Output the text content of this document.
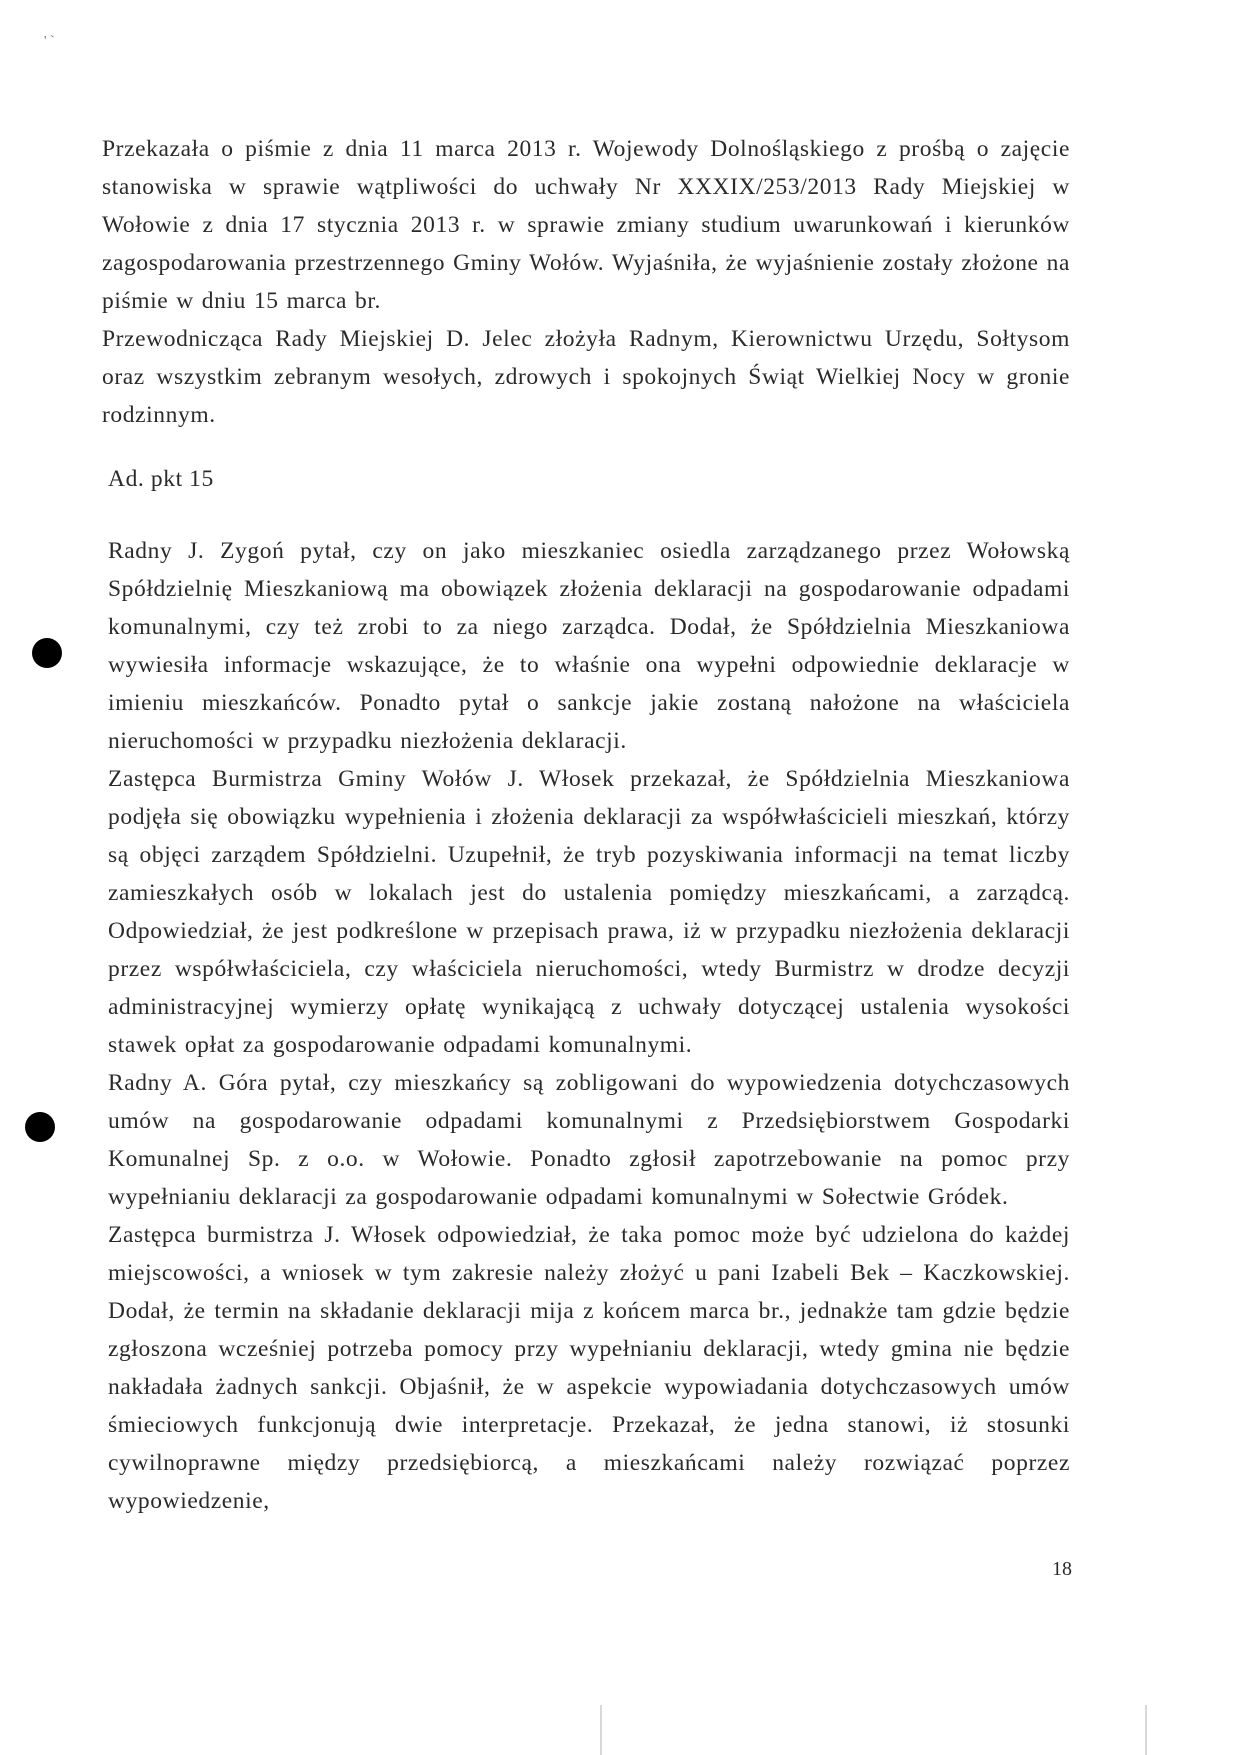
' `

Przekazała o piśmie z dnia 11 marca 2013 r. Wojewody Dolnośląskiego z prośbą o zajęcie stanowiska w sprawie wątpliwości do uchwały Nr XXXIX/253/2013 Rady Miejskiej w Wołowie z dnia 17 stycznia 2013 r. w sprawie zmiany studium uwarunkowań i kierunków zagospodarowania przestrzennego Gminy Wołów. Wyjaśniła, że wyjaśnienie zostały złożone na piśmie w dniu 15 marca br.

Przewodnicząca Rady Miejskiej D. Jelec złożyła Radnym, Kierownictwu Urzędu, Sołtysom oraz wszystkim zebranym wesołych, zdrowych i spokojnych Świąt Wielkiej Nocy w gronie rodzinnym.

Ad. pkt 15

Radny J. Zygoń pytał, czy on jako mieszkaniec osiedla zarządzanego przez Wołowską Spółdzielnię Mieszkaniową ma obowiązek złożenia deklaracji na gospodarowanie odpadami komunalnymi, czy też zrobi to za niego zarządca. Dodał, że Spółdzielnia Mieszkaniowa wywiesiła informacje wskazujące, że to właśnie ona wypełni odpowiednie deklaracje w imieniu mieszkańców. Ponadto pytał o sankcje jakie zostaną nałożone na właściciela nieruchomości w przypadku niezłożenia deklaracji.

Zastępca Burmistrza Gminy Wołów J. Włosek przekazał, że Spółdzielnia Mieszkaniowa podjęła się obowiązku wypełnienia i złożenia deklaracji za współwłaścicieli mieszkań, którzy są objęci zarządem Spółdzielni. Uzupełnił, że tryb pozyskiwania informacji na temat liczby zamieszkałych osób w lokalach jest do ustalenia pomiędzy mieszkańcami, a zarządcą. Odpowiedział, że jest podkreślone w przepisach prawa, iż w przypadku niezłożenia deklaracji przez współwłaściciela, czy właściciela nieruchomości, wtedy Burmistrz w drodze decyzji administracyjnej wymierzy opłatę wynikającą z uchwały dotyczącej ustalenia wysokości stawek opłat za gospodarowanie odpadami komunalnymi.

Radny A. Góra pytał, czy mieszkańcy są zobligowani do wypowiedzenia dotychczasowych umów na gospodarowanie odpadami komunalnymi z Przedsiębiorstwem Gospodarki Komunalnej Sp. z o.o. w Wołowie. Ponadto zgłosił zapotrzebowanie na pomoc przy wypełnianiu deklaracji za gospodarowanie odpadami komunalnymi w Sołectwie Gródek.

Zastępca burmistrza J. Włosek odpowiedział, że taka pomoc może być udzielona do każdej miejscowości, a wniosek w tym zakresie należy złożyć u pani Izabeli Bek – Kaczkowskiej. Dodał, że termin na składanie deklaracji mija z końcem marca br., jednakże tam gdzie będzie zgłoszona wcześniej potrzeba pomocy przy wypełnianiu deklaracji, wtedy gmina nie będzie nakładała żadnych sankcji. Objaśnił, że w aspekcie wypowiadania dotychczasowych umów śmieciowych funkcjonują dwie interpretacje. Przekazał, że jedna stanowi, iż stosunki cywilnoprawne między przedsiębiorcą, a mieszkańcami należy rozwiązać poprzez wypowiedzenie,

18
